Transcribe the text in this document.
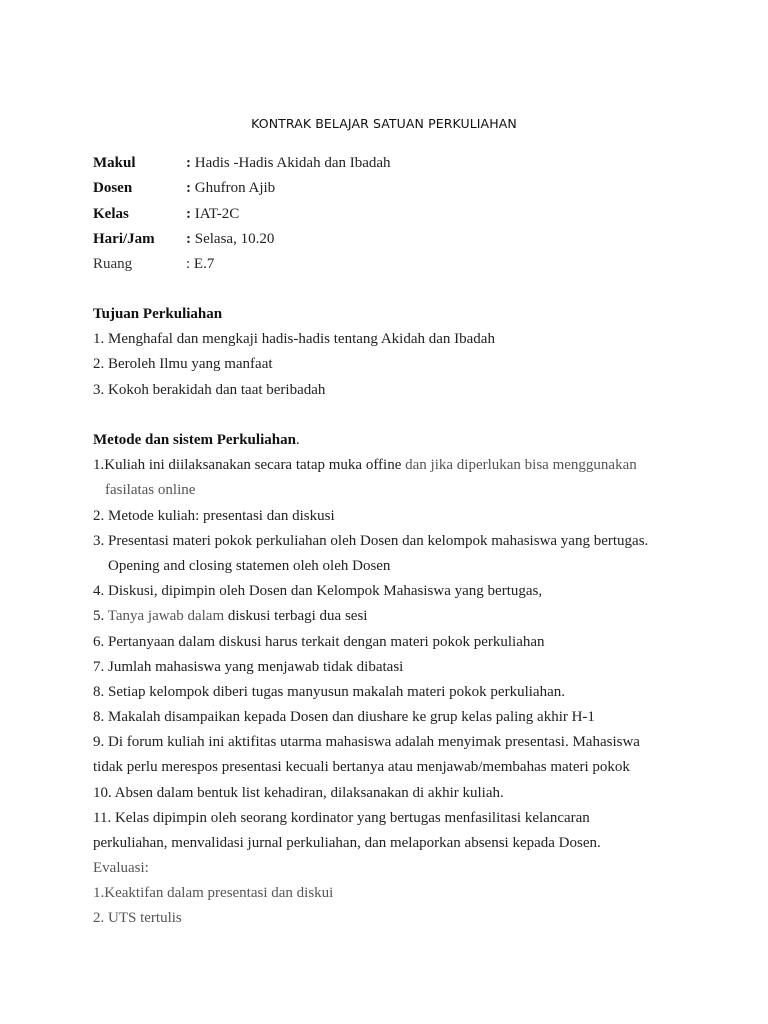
KONTRAK BELAJAR SATUAN PERKULIAHAN
Makul	: Hadis -Hadis Akidah dan Ibadah
Dosen	: Ghufron Ajib
Kelas	: IAT-2C
Hari/Jam : Selasa, 10.20
Ruang	: E.7
Tujuan Perkuliahan
1. Menghafal dan mengkaji hadis-hadis tentang Akidah dan Ibadah
2. Beroleh Ilmu yang manfaat
3. Kokoh berakidah dan taat beribadah
Metode dan sistem Perkuliahan.
1.Kuliah ini diilaksanakan secara tatap muka offine dan jika diperlukan bisa menggunakan
fasilatas online
2. Metode kuliah: presentasi dan diskusi
3. Presentasi materi pokok perkuliahan oleh Dosen dan kelompok mahasiswa yang bertugas.
Opening and closing statemen oleh oleh Dosen
4. Diskusi, dipimpin oleh Dosen dan Kelompok Mahasiswa yang bertugas,
5. Tanya jawab dalam diskusi terbagi dua sesi
6. Pertanyaan dalam diskusi harus terkait dengan materi pokok perkuliahan
7. Jumlah mahasiswa yang menjawab tidak dibatasi
8. Setiap kelompok diberi tugas manyusun makalah materi pokok perkuliahan.
8. Makalah disampaikan kepada Dosen dan diushare ke grup kelas paling akhir H-1
9. Di forum kuliah ini aktifitas utarma mahasiswa adalah menyimak presentasi. Mahasiswa
tidak perlu merespos presentasi kecuali bertanya atau menjawab/membahas materi pokok
10. Absen dalam bentuk list kehadiran, dilaksanakan di akhir kuliah.
11. Kelas dipimpin oleh seorang kordinator yang bertugas menfasilitasi kelancaran
perkuliahan, menvalidasi jurnal perkuliahan, dan melaporkan absensi kepada Dosen.
Evaluasi:
1.Keaktifan dalam presentasi dan diskui
2. UTS tertulis
